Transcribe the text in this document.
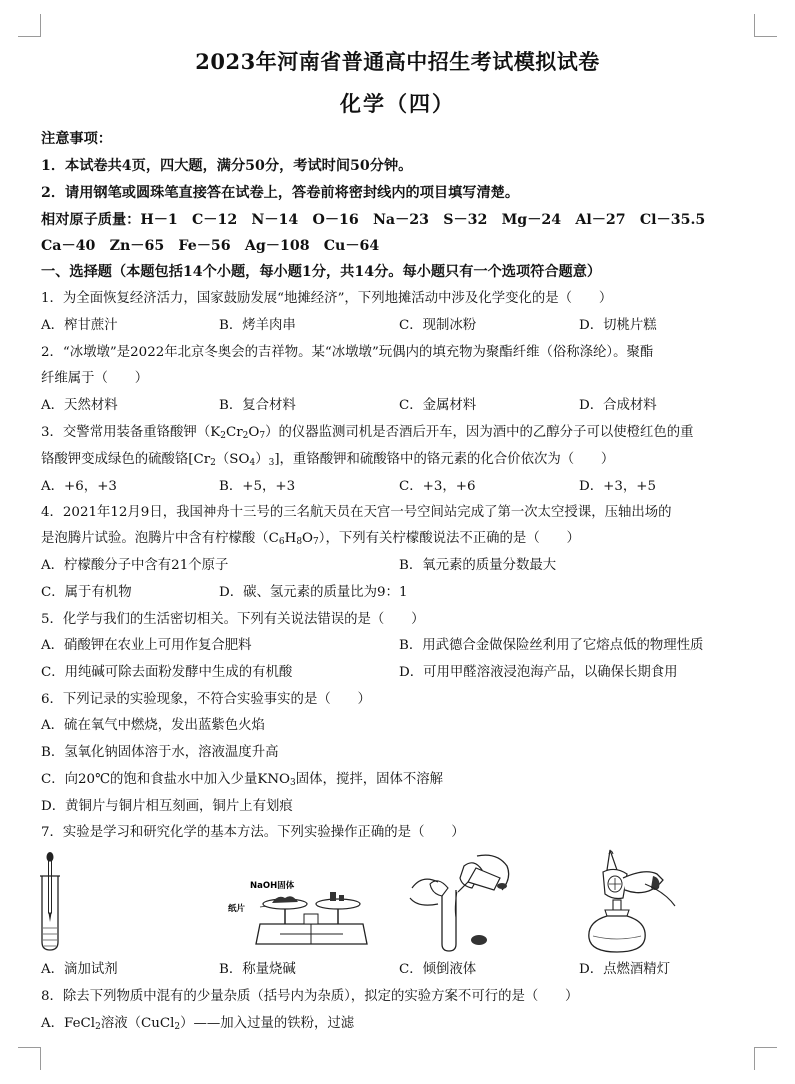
2023年河南省普通高中招生考试模拟试卷
化学（四）
注意事项：
1．本试卷共4页，四大题，满分50分，考试时间50分钟。
2．请用钢笔或圆珠笔直接答在试卷上，答卷前将密封线内的项目填写清楚。
相对原子质量：H－1　C－12　N－14　O－16　Na－23　S－32　Mg－24　Al－27　Cl－35.5
Ca－40　Zn－65　Fe－56　Ag－108　Cu－64
一、选择题（本题包括14个小题，每小题1分，共14分。每小题只有一个选项符合题意）
1．为全面恢复经济活力，国家鼓励发展“地摊经济”，下列地摊活动中涉及化学变化的是（　　）
A．榨甘蔗汁	B．烤羊肉串	C．现制冰粉	D．切桃片糕
2．“冰墩墩”是2022年北京冬奥会的吉祥物。某“冰墩墩”玩偶内的填充物为聚酯纤维（俗称涤纶）。聚酯
纤维属于（　　）
A．天然材料	B．复合材料	C．金属材料	D．合成材料
3．交警常用装备重铬酸钾$(K_2Cr_2O_7)$的仪器监测司机是否酒后开车，因为酒中的乙醇分子可以使橙红色的重
铬酸钾变成绿色的硫酸铬$[Cr_2(SO_4)_3]$，重铬酸钾和硫酸铬中的铬元素的化合价依次为（　　）
A．+6，+3	B．+5，+3	C．+3，+6	D．+3，+5
4．2021年12月9日，我国神舟十三号的三名航天员在天宫一号空间站完成了第一次太空授课，压轴出场的
是泡腾片试验。泡腾片中含有柠檬酸$(C_6H_8O_7)$，下列有关柠檬酸说法不正确的是（　　）
A．柠檬酸分子中含有21个原子	B．氧元素的质量分数最大
C．属于有机物	D．碳、氢元素的质量比为9：1
5．化学与我们的生活密切相关。下列有关说法错误的是（　　）
A．硝酸钾在农业上可用作复合肥料	B．用武德合金做保险丝利用了它熔点低的物理性质
C．用纯碱可除去面粉发酵中生成的有机酸	D．可用甲醛溶液浸泡海产品，以确保长期食用
6．下列记录的实验现象，不符合实验事实的是（　　）
A．硫在氧气中燃烧，发出蓝紫色火焰
B．氢氧化钠固体溶于水，溶液温度升高
C．向20℃的饱和食盐水中加入少量$KNO_3$固体，搅拌，固体不溶解
D．黄铜片与铜片相互刻画，铜片上有划痕
7．实验是学习和研究化学的基本方法。下列实验操作正确的是（　　）
NaOH固体
纸片
A．滴加试剂	B．称量烧碱	C．倾倒液体	D．点燃酒精灯
8．除去下列物质中混有的少量杂质（括号内为杂质），拟定的实验方案不可行的是（　　）
A．FeCl$_2$溶液（CuCl$_2$）——加入过量的铁粉，过滤
